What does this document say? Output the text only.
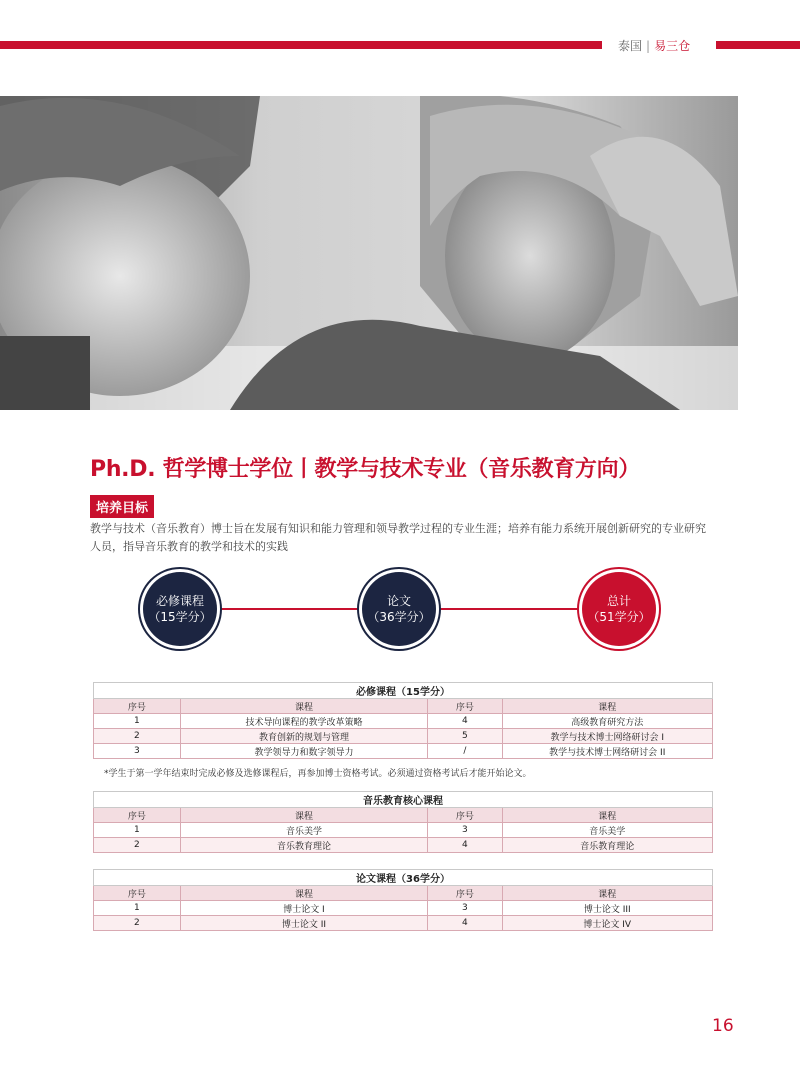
泰国 | 易三仓
Ph.D. 哲学博士学位丨教学与技术专业（音乐教育方向）
培养目标
教学与技术（音乐教育）博士旨在发展有知识和能力管理和领导教学过程的专业生涯；培养有能力系统开展创新研究的专业研究人员，指导音乐教育的教学和技术的实践
必修课程
（15学分）
论文
（36学分）
总计
（51学分）
必修课程（15学分）			
序号	课程	序号	课程
1	技术导向课程的教学改革策略	4	高级教育研究方法
2	教育创新的规划与管理	5	教学与技术博士网络研讨会 I
3	教学领导力和数字领导力	/	教学与技术博士网络研讨会 II
*学生于第一学年结束时完成必修及选修课程后，再参加博士资格考试。必须通过资格考试后才能开始论文。
音乐教育核心课程			
序号	课程	序号	课程
1	音乐美学	3	音乐美学
2	音乐教育理论	4	音乐教育理论
论文课程（36学分）			
序号	课程	序号	课程
1	博士论文 I	3	博士论文 III
2	博士论文 II	4	博士论文 IV
16
